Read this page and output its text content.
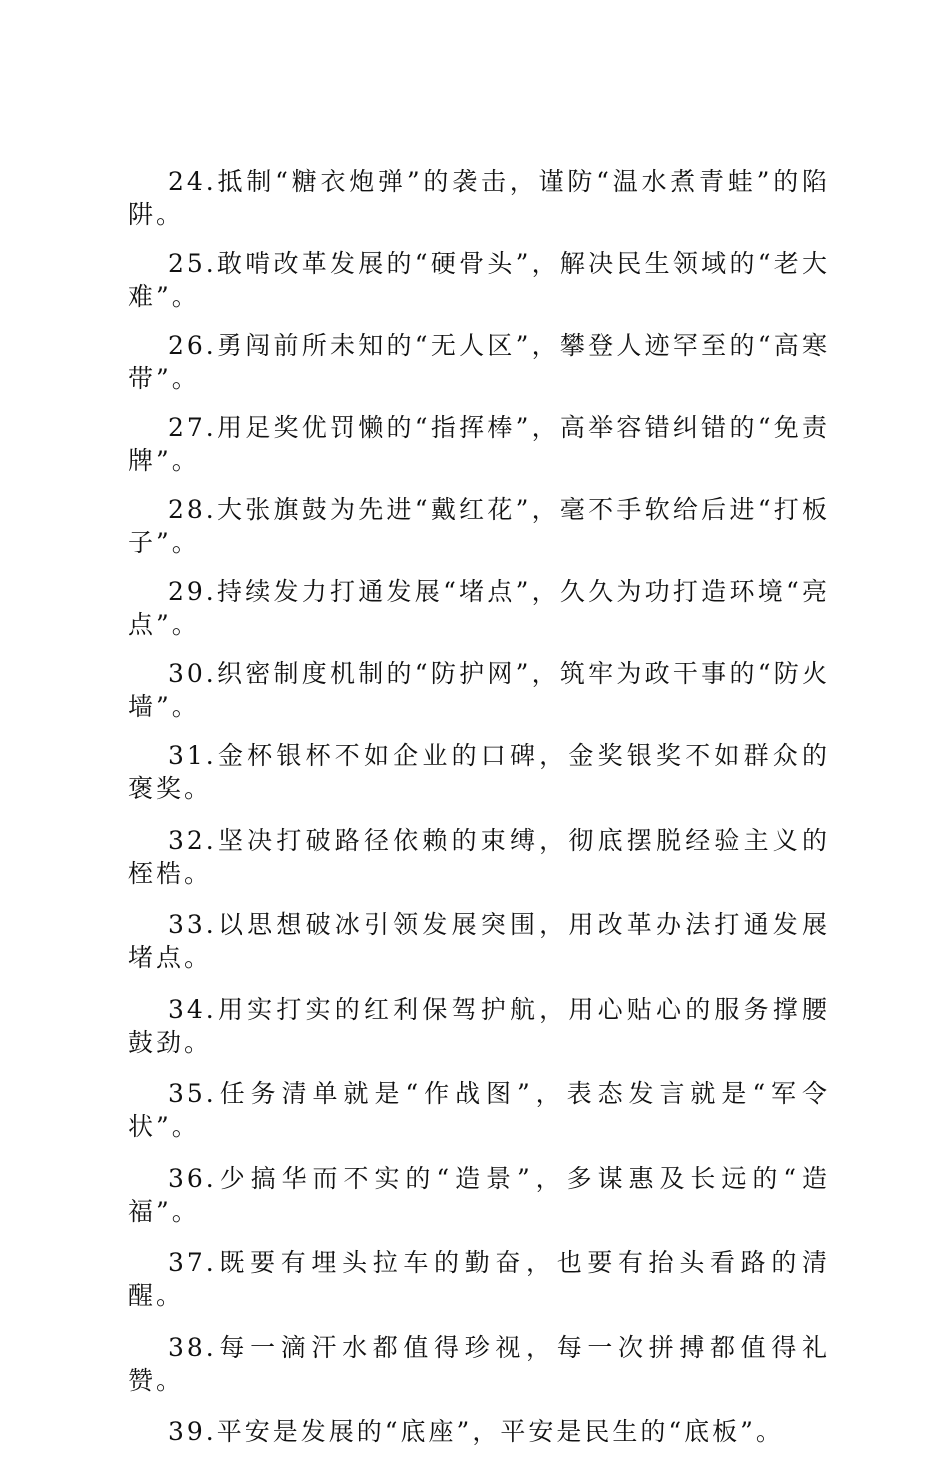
24.抵制“糖衣炮弹”的袭击，谨防“温水煮青蛙”的陷阱。

25.敢啃改革发展的“硬骨头”，解决民生领域的“老大难”。

26.勇闯前所未知的“无人区”，攀登人迹罕至的“高寒带”。

27.用足奖优罚懒的“指挥棒”，高举容错纠错的“免责牌”。

28.大张旗鼓为先进“戴红花”，毫不手软给后进“打板子”。

29.持续发力打通发展“堵点”，久久为功打造环境“亮点”。

30.织密制度机制的“防护网”，筑牢为政干事的“防火墙”。

31.金杯银杯不如企业的口碑，金奖银奖不如群众的褒奖。

32.坚决打破路径依赖的束缚，彻底摆脱经验主义的桎梏。

33.以思想破冰引领发展突围，用改革办法打通发展堵点。

34.用实打实的红利保驾护航，用心贴心的服务撑腰鼓劲。

35.任务清单就是“作战图”，表态发言就是“军令状”。

36.少搞华而不实的“造景”，多谋惠及长远的“造福”。

37.既要有埋头拉车的勤奋，也要有抬头看路的清醒。

38.每一滴汗水都值得珍视，每一次拼搏都值得礼赞。

39.平安是发展的“底座”，平安是民生的“底板”。
